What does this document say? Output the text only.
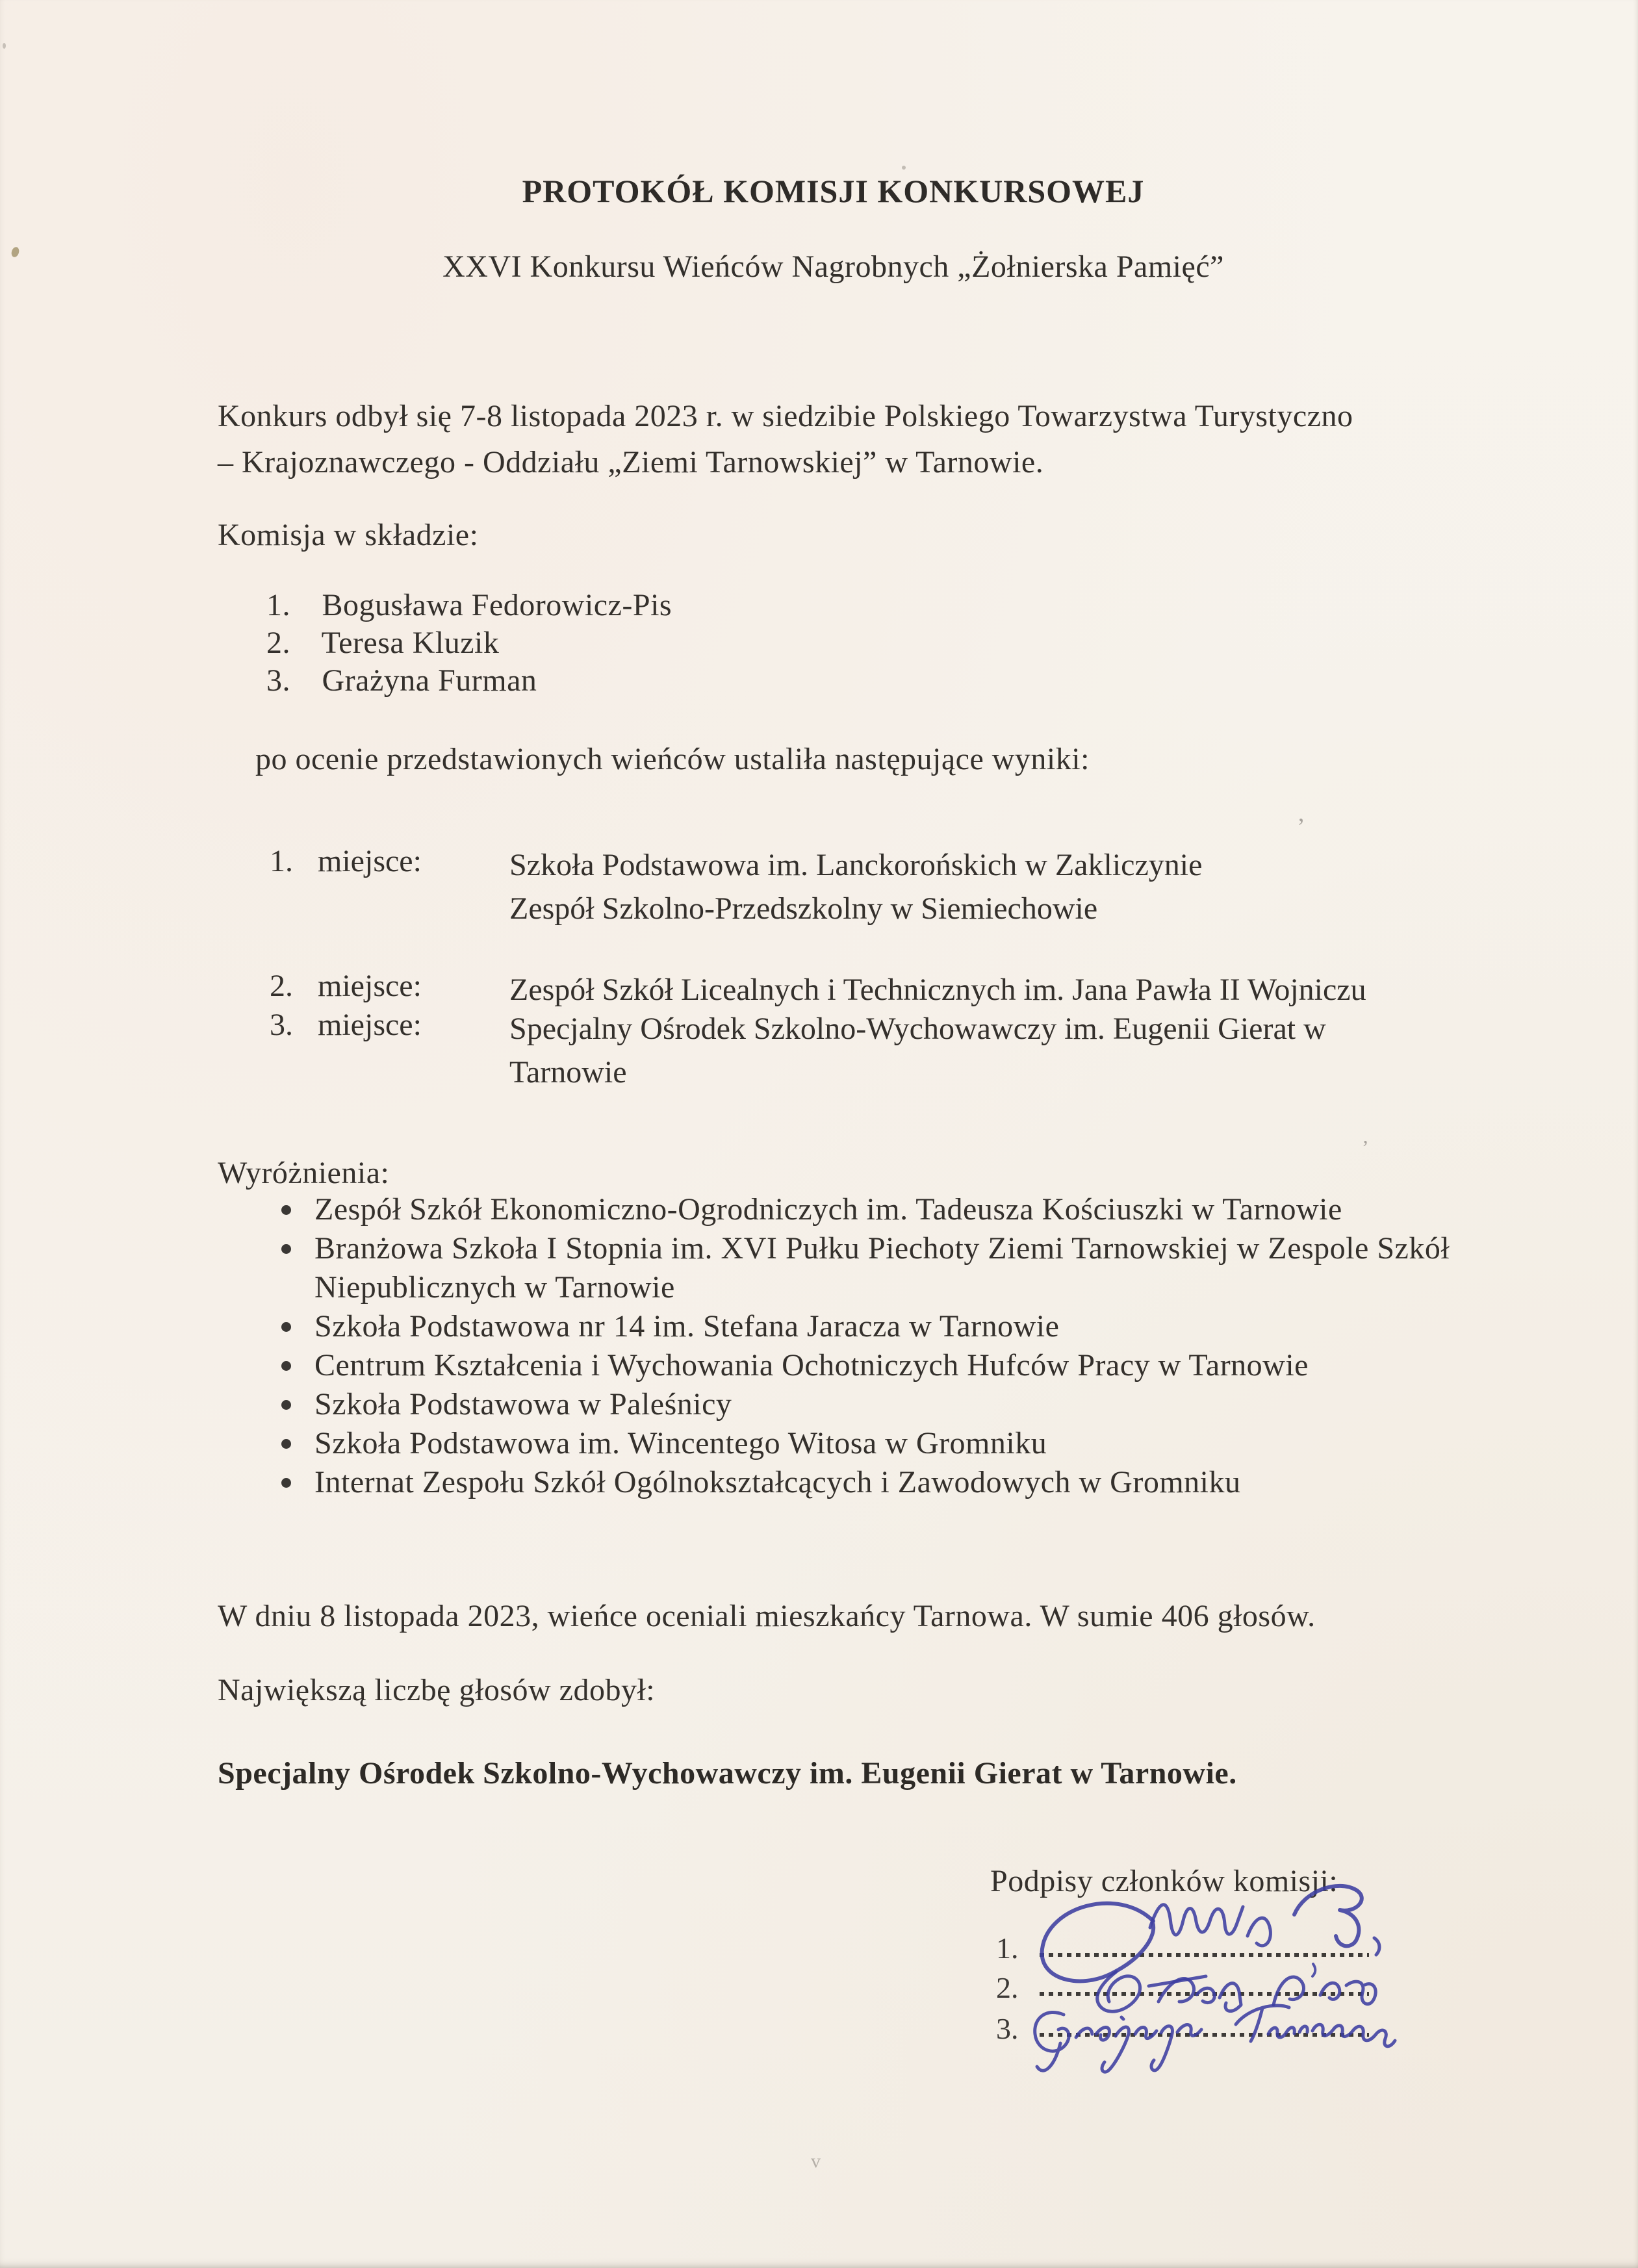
PROTOKÓŁ KOMISJI KONKURSOWEJ
XXVI Konkursu Wieńców Nagrobnych „Żołnierska Pamięć”
Konkurs odbył się 7-8 listopada 2023 r. w siedzibie Polskiego Towarzystwa Turystyczno
– Krajoznawczego - Oddziału „Ziemi Tarnowskiej” w Tarnowie.
Komisja w składzie:
1. Bogusława Fedorowicz-Pis
2. Teresa Kluzik
3. Grażyna Furman
po ocenie przedstawionych wieńców ustaliła następujące wyniki:
1. miejsce:	Szkoła Podstawowa im. Lanckorońskich w Zakliczynie
Zespół Szkolno-Przedszkolny w Siemiechowie
2. miejsce:	Zespół Szkół Licealnych i Technicznych im. Jana Pawła II Wojniczu
3. miejsce:	Specjalny Ośrodek Szkolno-Wychowawczy im. Eugenii Gierat w
Tarnowie
Wyróżnienia:
Zespół Szkół Ekonomiczno-Ogrodniczych im. Tadeusza Kościuszki w Tarnowie
Branżowa Szkoła I Stopnia im. XVI Pułku Piechoty Ziemi Tarnowskiej w Zespole Szkół Niepublicznych w Tarnowie
Szkoła Podstawowa nr 14 im. Stefana Jaracza w Tarnowie
Centrum Kształcenia i Wychowania Ochotniczych Hufców Pracy w Tarnowie
Szkoła Podstawowa w Paleśnicy
Szkoła Podstawowa im. Wincentego Witosa w Gromniku
Internat Zespołu Szkół Ogólnokształcących i Zawodowych w Gromniku
W dniu 8 listopada 2023, wieńce oceniali mieszkańcy Tarnowa. W sumie 406 głosów.
Największą liczbę głosów zdobył:
Specjalny Ośrodek Szkolno-Wychowawczy im. Eugenii Gierat w Tarnowie.
Podpisy członków komisji:
1.
2.
3.
‚
’
v
